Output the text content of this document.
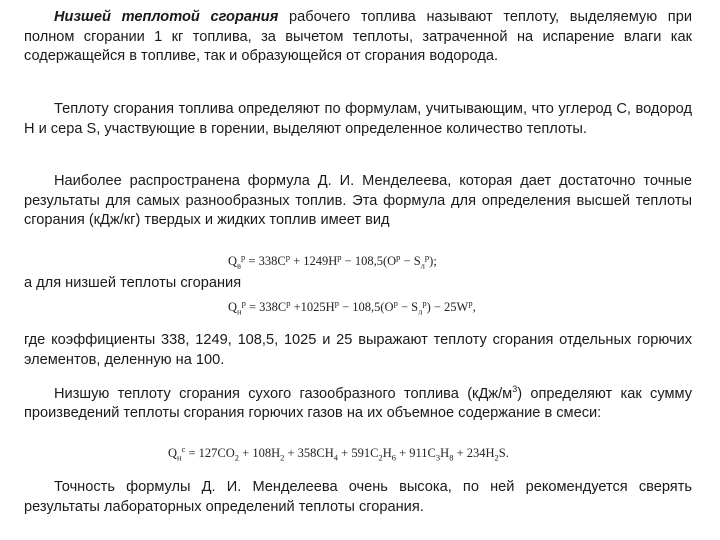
Низшей теплотой сгорания рабочего топлива называют теплоту, выделяемую при полном сгорании 1 кг топлива, за вычетом теплоты, затраченной на испарение влаги как содержащейся в топливе, так и образующейся от сгорания водорода.

Теплоту сгорания топлива определяют по формулам, учитывающим, что углерод С, водород Н и сера S, участвующие в горении, выделяют определенное количество теплоты.

Наиболее распространена формула Д. И. Менделеева, которая дает достаточно точные результаты для самых разнообразных топлив. Эта формула для определения высшей теплоты сгорания (кДж/кг) твердых и жидких топлив имеет вид

$Q_в^р = 338С^р + 1249Н^р - 108,5(О^р - S_л^р)$;

а для низшей теплоты сгорания

$Q_н^р = 338С^р +1025Н^р - 108,5(О^р - S_л^р) - 25W^р$,

где коэффициенты 338, 1249, 108,5, 1025 и 25 выражают теплоту сгорания отдельных горючих элементов, деленную на 100.

Низшую теплоту сгорания сухого газообразного топлива $(кДж/м^3)$ определяют как сумму произведений теплоты сгорания горючих газов на их объемное содержание в смеси:

$Q_н^с = 127СО_2 + 108Н_2 + 358СН_4 + 591С_2Н_6 + 911С_3Н_8 + 234Н_2S$.

Точность формулы Д. И. Менделеева очень высока, по ней рекомендуется сверять результаты лабораторных определений теплоты сгорания.
